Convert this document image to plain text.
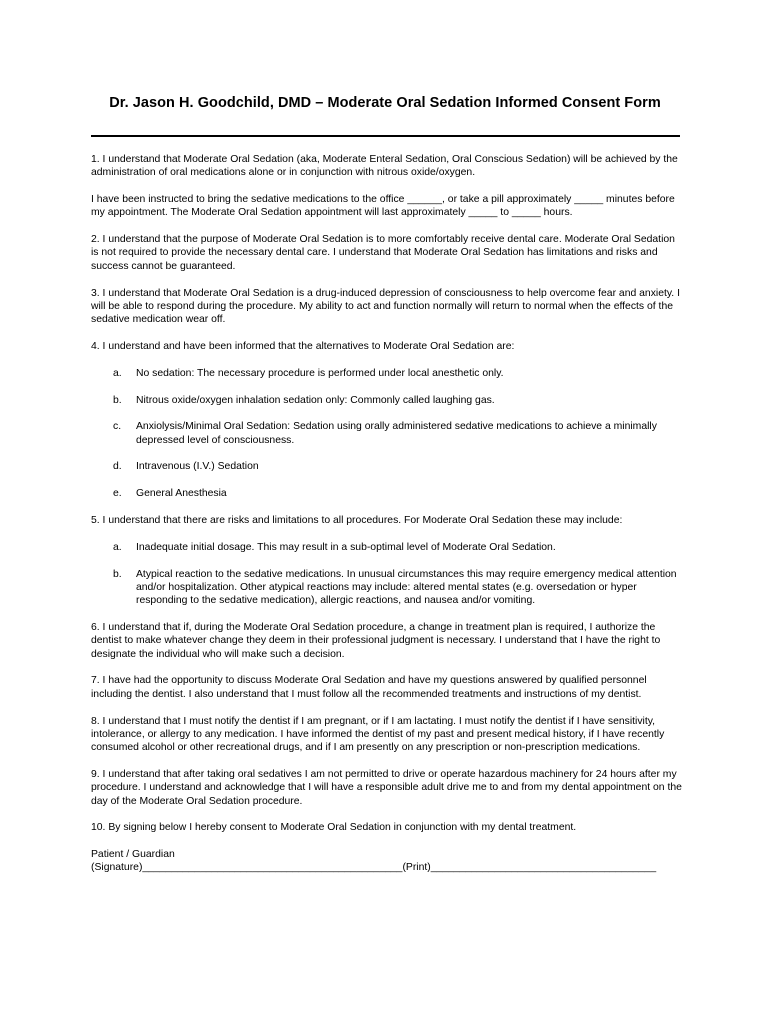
Dr. Jason H. Goodchild, DMD – Moderate Oral Sedation Informed Consent Form

1. I understand that Moderate Oral Sedation (aka, Moderate Enteral Sedation, Oral Conscious Sedation) will be achieved by the administration of oral medications alone or in conjunction with nitrous oxide/oxygen.

I have been instructed to bring the sedative medications to the office ______, or take a pill approximately _____ minutes before my appointment. The Moderate Oral Sedation appointment will last approximately _____ to _____ hours.

2. I understand that the purpose of Moderate Oral Sedation is to more comfortably receive dental care. Moderate Oral Sedation is not required to provide the necessary dental care. I understand that Moderate Oral Sedation has limitations and risks and success cannot be guaranteed.

3. I understand that Moderate Oral Sedation is a drug-induced depression of consciousness to help overcome fear and anxiety. I will be able to respond during the procedure. My ability to act and function normally will return to normal when the effects of the sedative medication wear off.

4. I understand and have been informed that the alternatives to Moderate Oral Sedation are:

a.	No sedation: The necessary procedure is performed under local anesthetic only.
b.	Nitrous oxide/oxygen inhalation sedation only: Commonly called laughing gas.
c.	Anxiolysis/Minimal Oral Sedation: Sedation using orally administered sedative medications to achieve a minimally depressed level of consciousness.
d.	Intravenous (I.V.) Sedation
e.	General Anesthesia

5. I understand that there are risks and limitations to all procedures. For Moderate Oral Sedation these may include:

a.	Inadequate initial dosage. This may result in a sub-optimal level of Moderate Oral Sedation.
b.	Atypical reaction to the sedative medications. In unusual circumstances this may require emergency medical attention and/or hospitalization. Other atypical reactions may include: altered mental states (e.g. oversedation or hyper responding to the sedative medication), allergic reactions, and nausea and/or vomiting.

6. I understand that if, during the Moderate Oral Sedation procedure, a change in treatment plan is required, I authorize the dentist to make whatever change they deem in their professional judgment is necessary. I understand that I have the right to designate the individual who will make such a decision.

7. I have had the opportunity to discuss Moderate Oral Sedation and have my questions answered by qualified personnel including the dentist. I also understand that I must follow all the recommended treatments and instructions of my dentist.

8. I understand that I must notify the dentist if I am pregnant, or if I am lactating. I must notify the dentist if I have sensitivity, intolerance, or allergy to any medication. I have informed the dentist of my past and present medical history, if I have recently consumed alcohol or other recreational drugs, and if I am presently on any prescription or non-prescription medications.

9. I understand that after taking oral sedatives I am not permitted to drive or operate hazardous machinery for 24 hours after my procedure. I understand and acknowledge that I will have a responsible adult drive me to and from my dental appointment on the day of the Moderate Oral Sedation procedure.

10. By signing below I hereby consent to Moderate Oral Sedation in conjunction with my dental treatment.

Patient / Guardian

(Signature)_____________________________________________(Print)_______________________________________
